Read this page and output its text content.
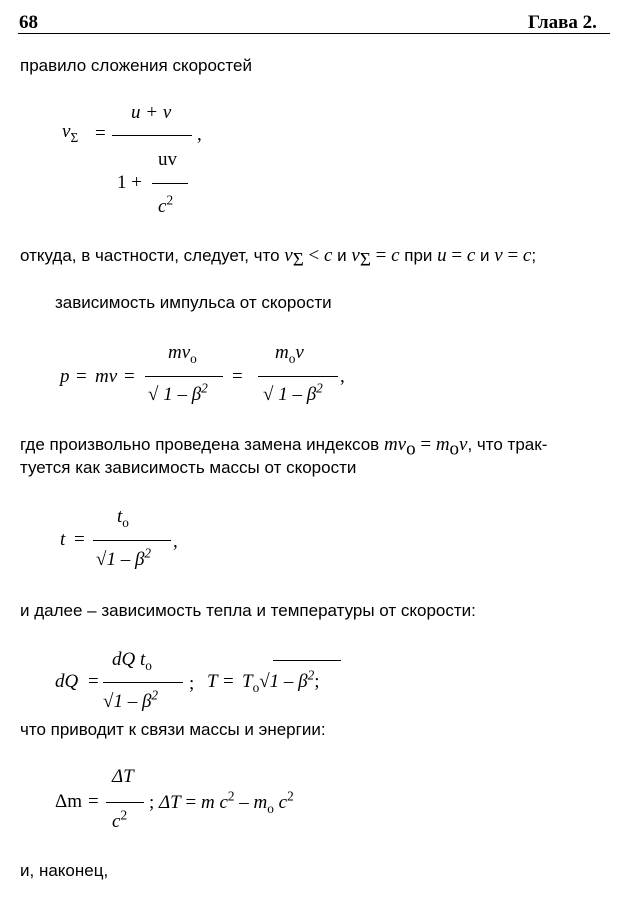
68	Глава 2.
правило сложения скоростей
$v_\Sigma$ =
u + v
,
uv
1 +
$c^2$
откуда, в частности, следует, что $v_\Sigma < c$ и $v_\Sigma = c$ при u = c и v = c;
зависимость импульса от скорости
p = mv =
$mv_o$
√ $1 - \beta^2$
=
$m_ov$
,
√ $1 - \beta^2$
где произвольно проведена замена индексов $mv_о = m_оv$, что трак-
туется как зависимость массы от скорости
t =
$t_o$
,
$√1 - \beta^2$
и далее – зависимость тепла и температуры от скорости:
dQ =
dQ $t_o$
$√1 - \beta^2$
; $T = T_o√1 - \beta^2$;
что приводит к связи массы и энергии:
Δm =
ΔT
$c^2$
; ΔT = m $c^2 - m_o$ $c^2$
и, наконец,
